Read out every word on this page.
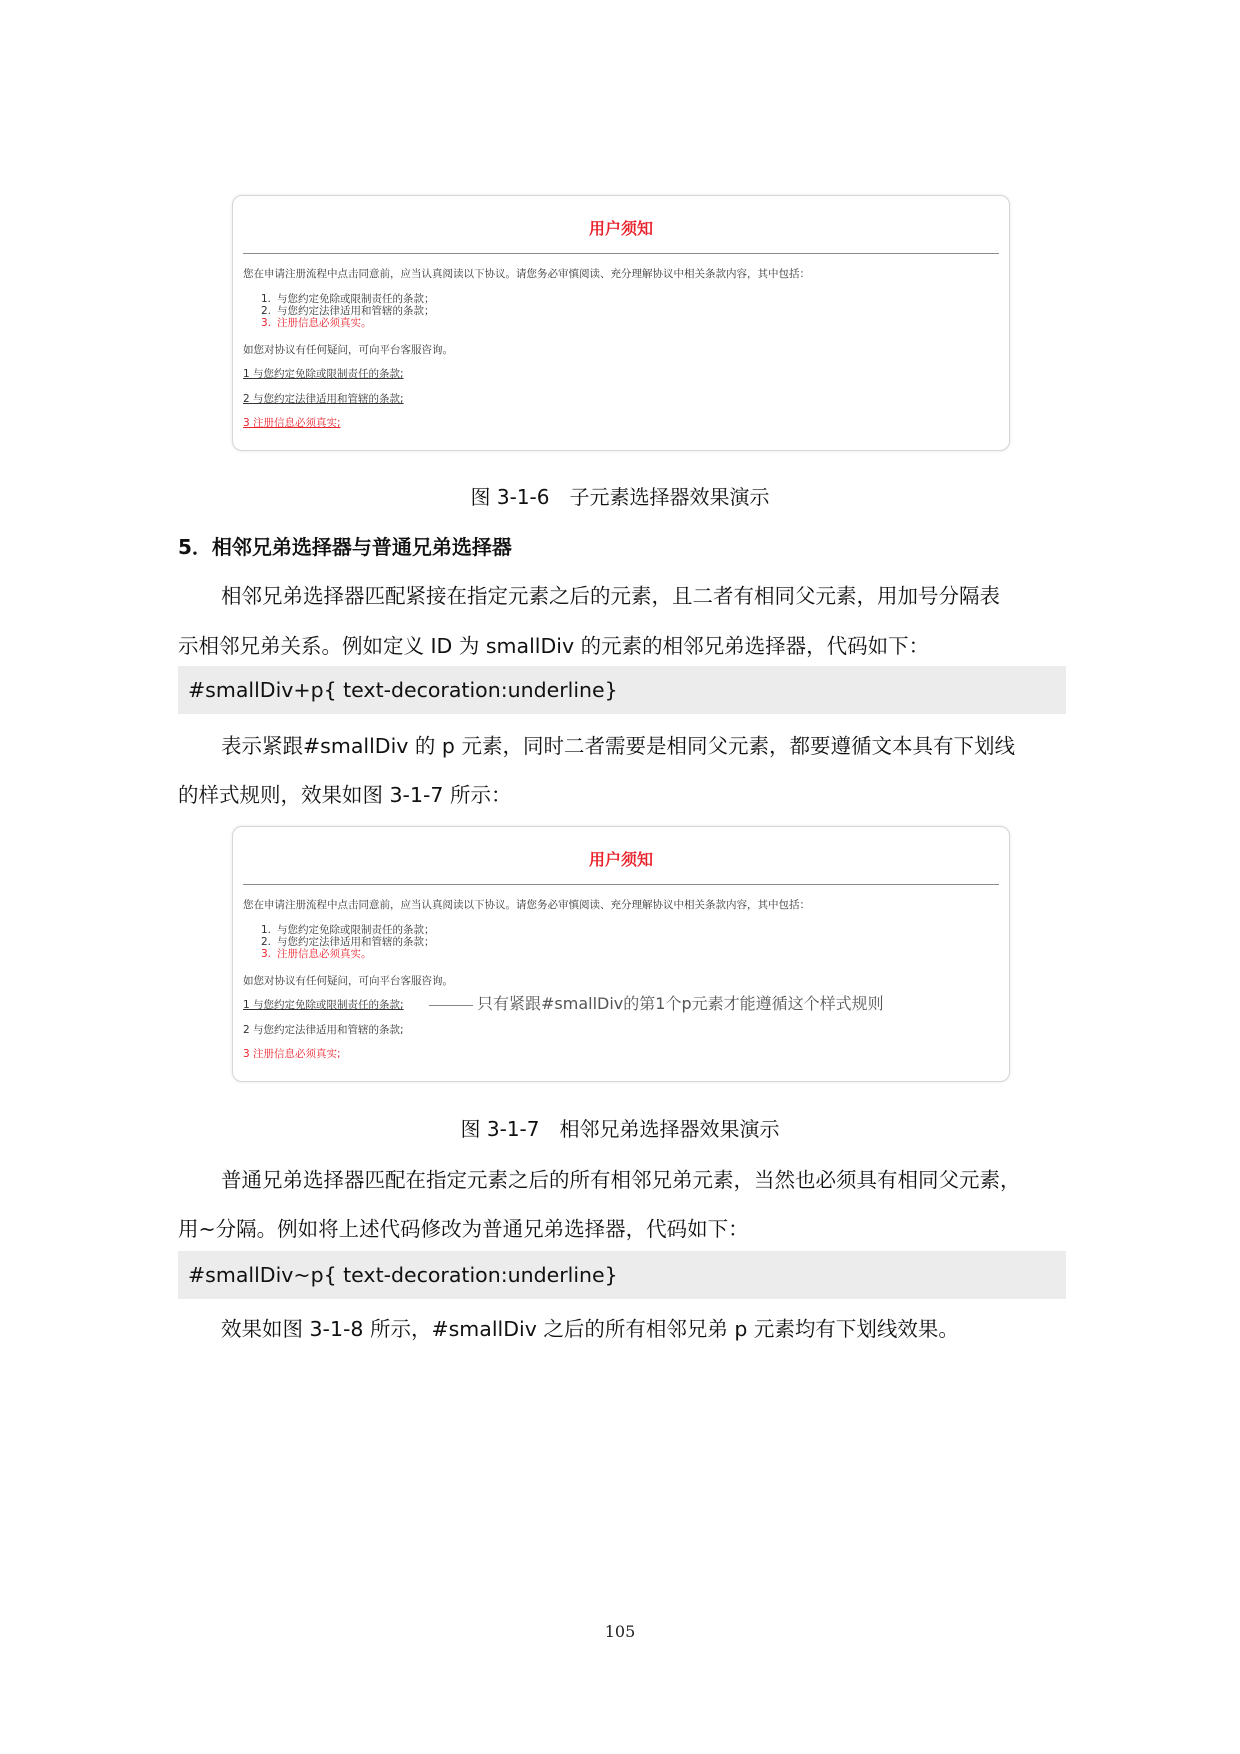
用户须知
您在申请注册流程中点击同意前，应当认真阅读以下协议。请您务必审慎阅读、充分理解协议中相关条款内容，其中包括：
1. 与您约定免除或限制责任的条款；
2. 与您约定法律适用和管辖的条款；
3. 注册信息必须真实。
如您对协议有任何疑问，可向平台客服咨询。
1 与您约定免除或限制责任的条款;
2 与您约定法律适用和管辖的条款;
3 注册信息必须真实;
图 3-1-6　子元素选择器效果演示
5．相邻兄弟选择器与普通兄弟选择器
相邻兄弟选择器匹配紧接在指定元素之后的元素，且二者有相同父元素，用加号分隔表
示相邻兄弟关系。例如定义 ID 为 smallDiv 的元素的相邻兄弟选择器，代码如下：
#smallDiv+p{ text-decoration:underline}
表示紧跟#smallDiv 的 p 元素，同时二者需要是相同父元素，都要遵循文本具有下划线
的样式规则，效果如图 3-1-7 所示：
用户须知
您在申请注册流程中点击同意前，应当认真阅读以下协议。请您务必审慎阅读、充分理解协议中相关条款内容，其中包括：
1. 与您约定免除或限制责任的条款；
2. 与您约定法律适用和管辖的条款；
3. 注册信息必须真实。
如您对协议有任何疑问，可向平台客服咨询。
1 与您约定免除或限制责任的条款;	只有紧跟#smallDiv的第1个p元素才能遵循这个样式规则
2 与您约定法律适用和管辖的条款;
3 注册信息必须真实;
图 3-1-7　相邻兄弟选择器效果演示
普通兄弟选择器匹配在指定元素之后的所有相邻兄弟元素，当然也必须具有相同父元素，
用~分隔。例如将上述代码修改为普通兄弟选择器，代码如下：
#smallDiv~p{ text-decoration:underline}
效果如图 3-1-8 所示，#smallDiv 之后的所有相邻兄弟 p 元素均有下划线效果。
105
